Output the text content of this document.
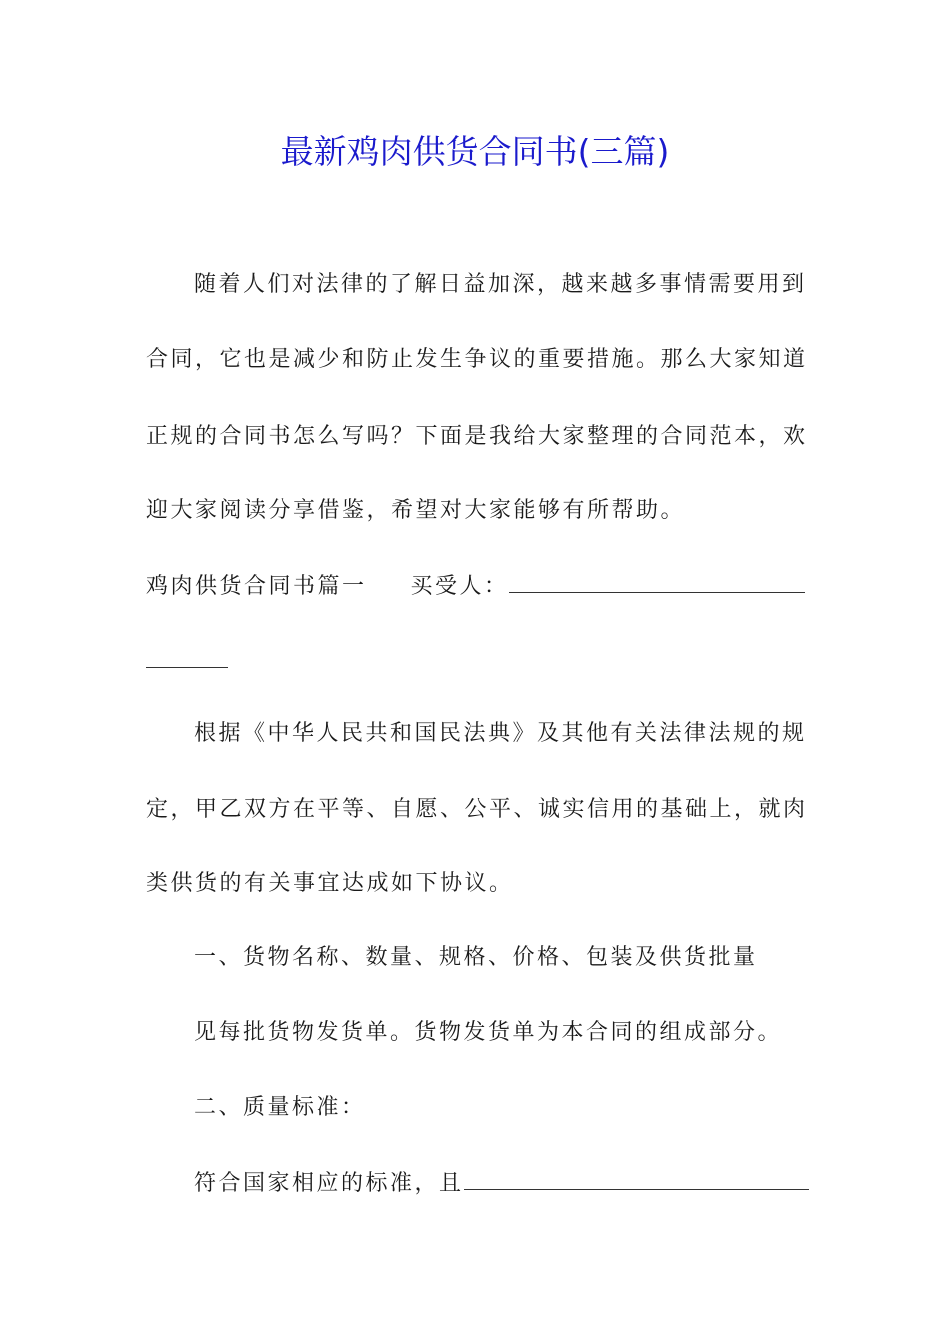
最新鸡肉供货合同书(三篇)
随着人们对法律的了解日益加深，越来越多事情需要用到
合同，它也是减少和防止发生争议的重要措施。那么大家知道
正规的合同书怎么写吗？下面是我给大家整理的合同范本，欢
迎大家阅读分享借鉴，希望对大家能够有所帮助。
鸡肉供货合同书篇一 买受人：
根据《中华人民共和国民法典》及其他有关法律法规的规
定，甲乙双方在平等、自愿、公平、诚实信用的基础上，就肉
类供货的有关事宜达成如下协议。
一、货物名称、数量、规格、价格、包装及供货批量
见每批货物发货单。货物发货单为本合同的组成部分。
二、质量标准：
符合国家相应的标准，且
